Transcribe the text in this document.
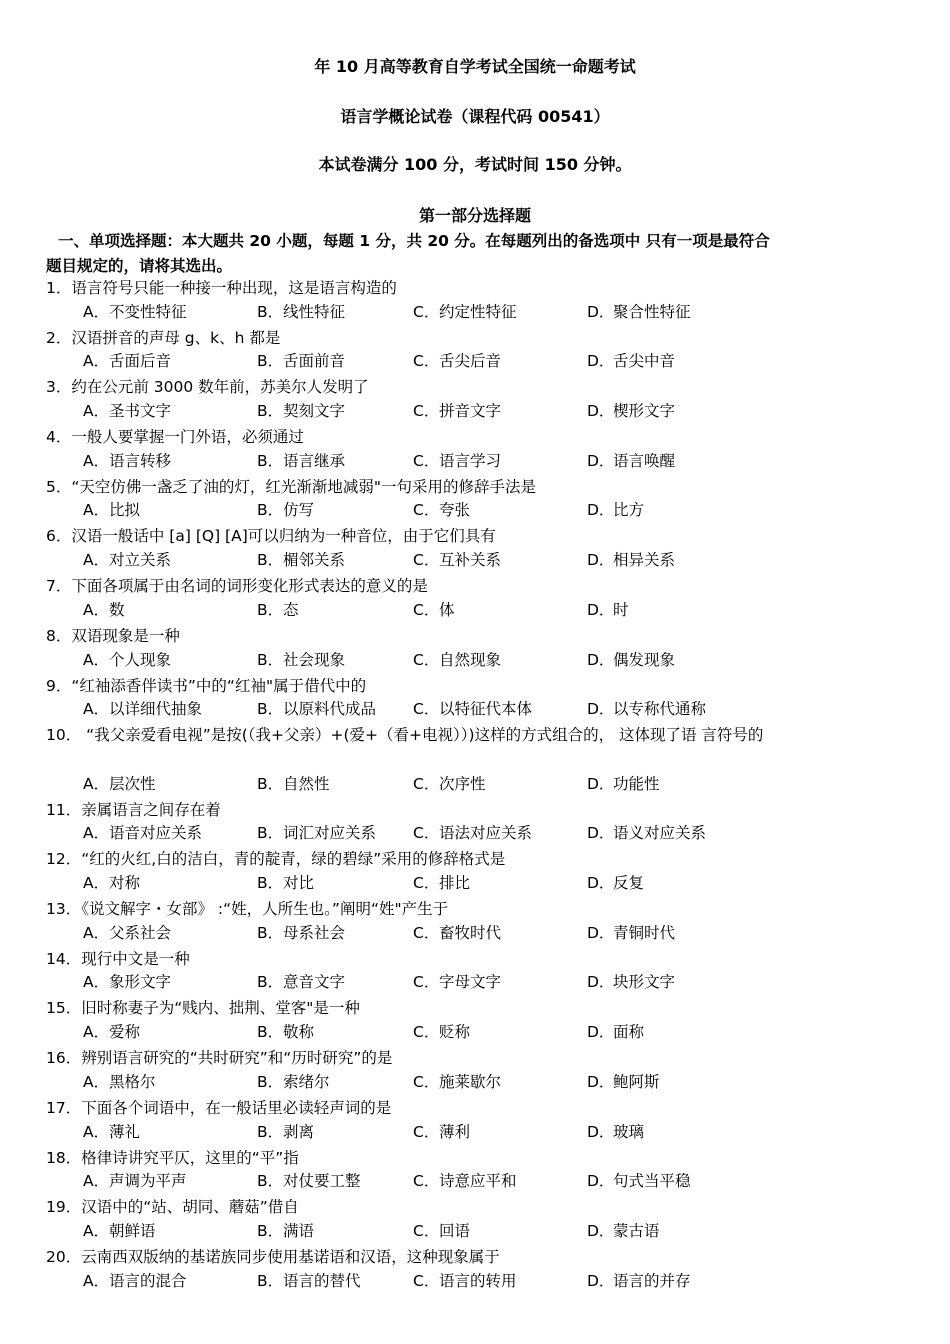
年 10 月高等教育自学考试全国统一命题考试
语言学概论试卷（课程代码 00541）
本试卷满分 100 分，考试时间 150 分钟。
第一部分选择题
一、单项选择题：本大题共 20 小题，每题 1 分，共 20 分。在每题列出的备选项中 只有一项是最符合
题目规定的，请将其选出。
1．语言符号只能一种接一种出现，这是语言构造的
A．不变性特征	B．线性特征	C．约定性特征	D．聚合性特征
2．汉语拼音的声母 g、k、h 都是
A．舌面后音	B．舌面前音	C．舌尖后音	D．舌尖中音
3．约在公元前 3000 数年前，苏美尔人发明了
A．圣书文字	B．契刻文字	C．拼音文字	D．楔形文字
4．一般人要掌握一门外语，必须通过
A．语言转移	B．语言继承	C．语言学习	D．语言唤醒
5．“天空仿佛一盏乏了油的灯，红光渐渐地减弱"一句采用的修辞手法是
A．比拟	B．仿写	C．夸张	D．比方
6．汉语一般话中 [a] [Q] [A]可以归纳为一种音位，由于它们具有
A．对立关系	B．楣邻关系	C．互补关系	D．相异关系
7．下面各项属于由名词的词形变化形式表达的意义的是
A．数	B．态	C．体	D．时
8．双语现象是一种
A．个人现象	B．社会现象	C．自然现象	D．偶发现象
9．“红袖添香伴读书”中的“红袖"属于借代中的
A．以详细代抽象	B．以原料代成品 C．以特征代本体	D．以专称代通称
10． “我父亲爱看电视”是按(（我+父亲）+(爱+（看+电视））)这样的方式组合的， 这体现了语 言符号的
A．层次性	B．自然性	C．次序性	D．功能性
11．亲属语言之间存在着
A．语音对应关系	B．词汇对应关系 C．语法对应关系	D．语义对应关系
12．“红的火红,白的洁白，青的靛青，绿的碧绿”采用的修辞格式是
A．对称	B．对比	C．排比	D．反复
13．《说文解字・女部》 :“姓，人所生也。”阐明“姓"产生于
A．父系社会	B．母系社会	C．畜牧时代	D．青铜时代
14．现行中文是一种
A．象形文字	B．意音文字	C．字母文字	D．块形文字
15．旧时称妻子为“贱内、拙荆、堂客"是一种
A．爱称	B．敬称	C．贬称	D．面称
16．辨别语言研究的“共时研究”和“历时研究”的是
A．黑格尔	B．索绪尔	C．施莱歇尔	D．鲍阿斯
17．下面各个词语中，在一般话里必读轻声词的是
A．薄礼	B．剥离	C．薄利	D．玻璃
18．格律诗讲究平仄，这里的“平”指
A．声调为平声	B．对仗要工整	C．诗意应平和	D．句式当平稳
19．汉语中的“站、胡同、蘑菇”借自
A．朝鲜语	B．满语	C．回语	D．蒙古语
20．云南西双版纳的基诺族同步使用基诺语和汉语，这种现象属于
A．语言的混合	B．语言的替代	C．语言的转用	D．语言的并存
